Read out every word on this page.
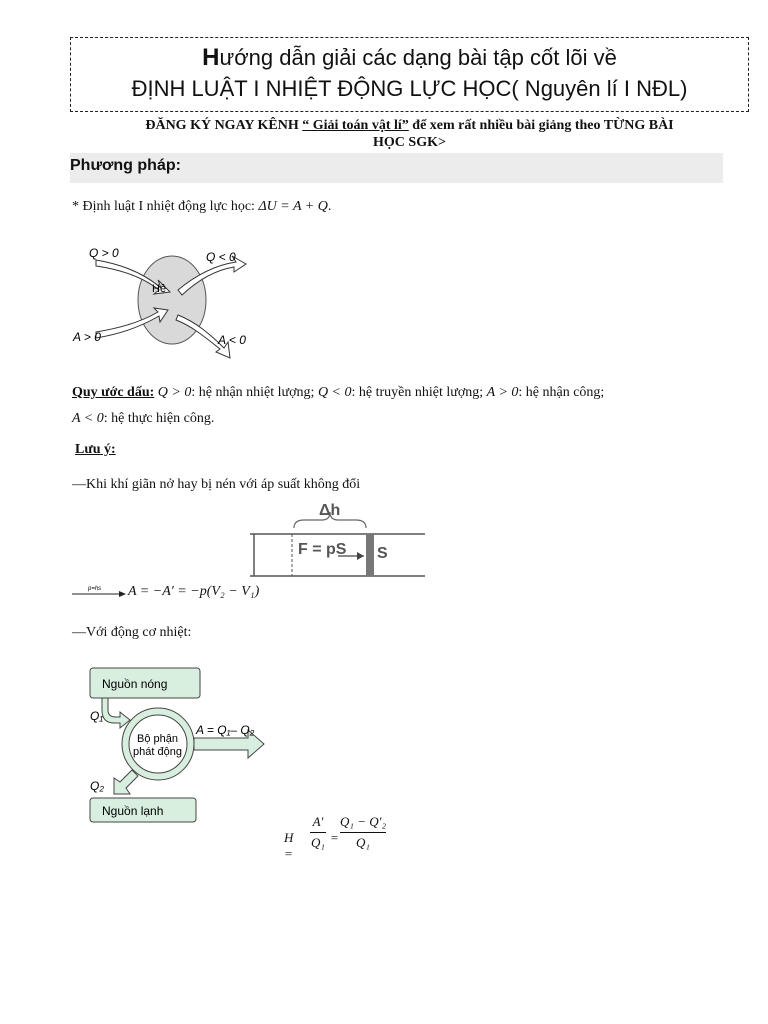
Hướng dẫn giải các dạng bài tập cốt lõi về
ĐỊNH LUẬT I NHIỆT ĐỘNG LỰC HỌC( Nguyên lí I NĐL)
ĐĂNG KÝ NGAY KÊNH “ Giải toán vật lí” để xem rất nhiều bài giảng theo TỪNG BÀI
HỌC SGK>
Phương pháp:
* Định luật I nhiệt động lực học: ΔU = A + Q.
Q > 0	Q < 0
A > 0	A < 0
Hệ
Quy ước dấu: Q > 0: hệ nhận nhiệt lượng; Q < 0: hệ truyền nhiệt lượng; A > 0: hệ nhận công;
A < 0: hệ thực hiện công.
Lưu ý:
—Khi khí giãn nở hay bị nén với áp suất không đổi
Δh
F = pS S
p=hs A = −A′ = −p(V₂ − V₁)
—Với động cơ nhiệt:
Nguồn nóng
Nguồn lạnh
Q₁
Q₂
Bộ phận
phát động
A = Q₁– Q₂
H =
A′
Q₁ =
Q₁ − Q′₂
Q₁
